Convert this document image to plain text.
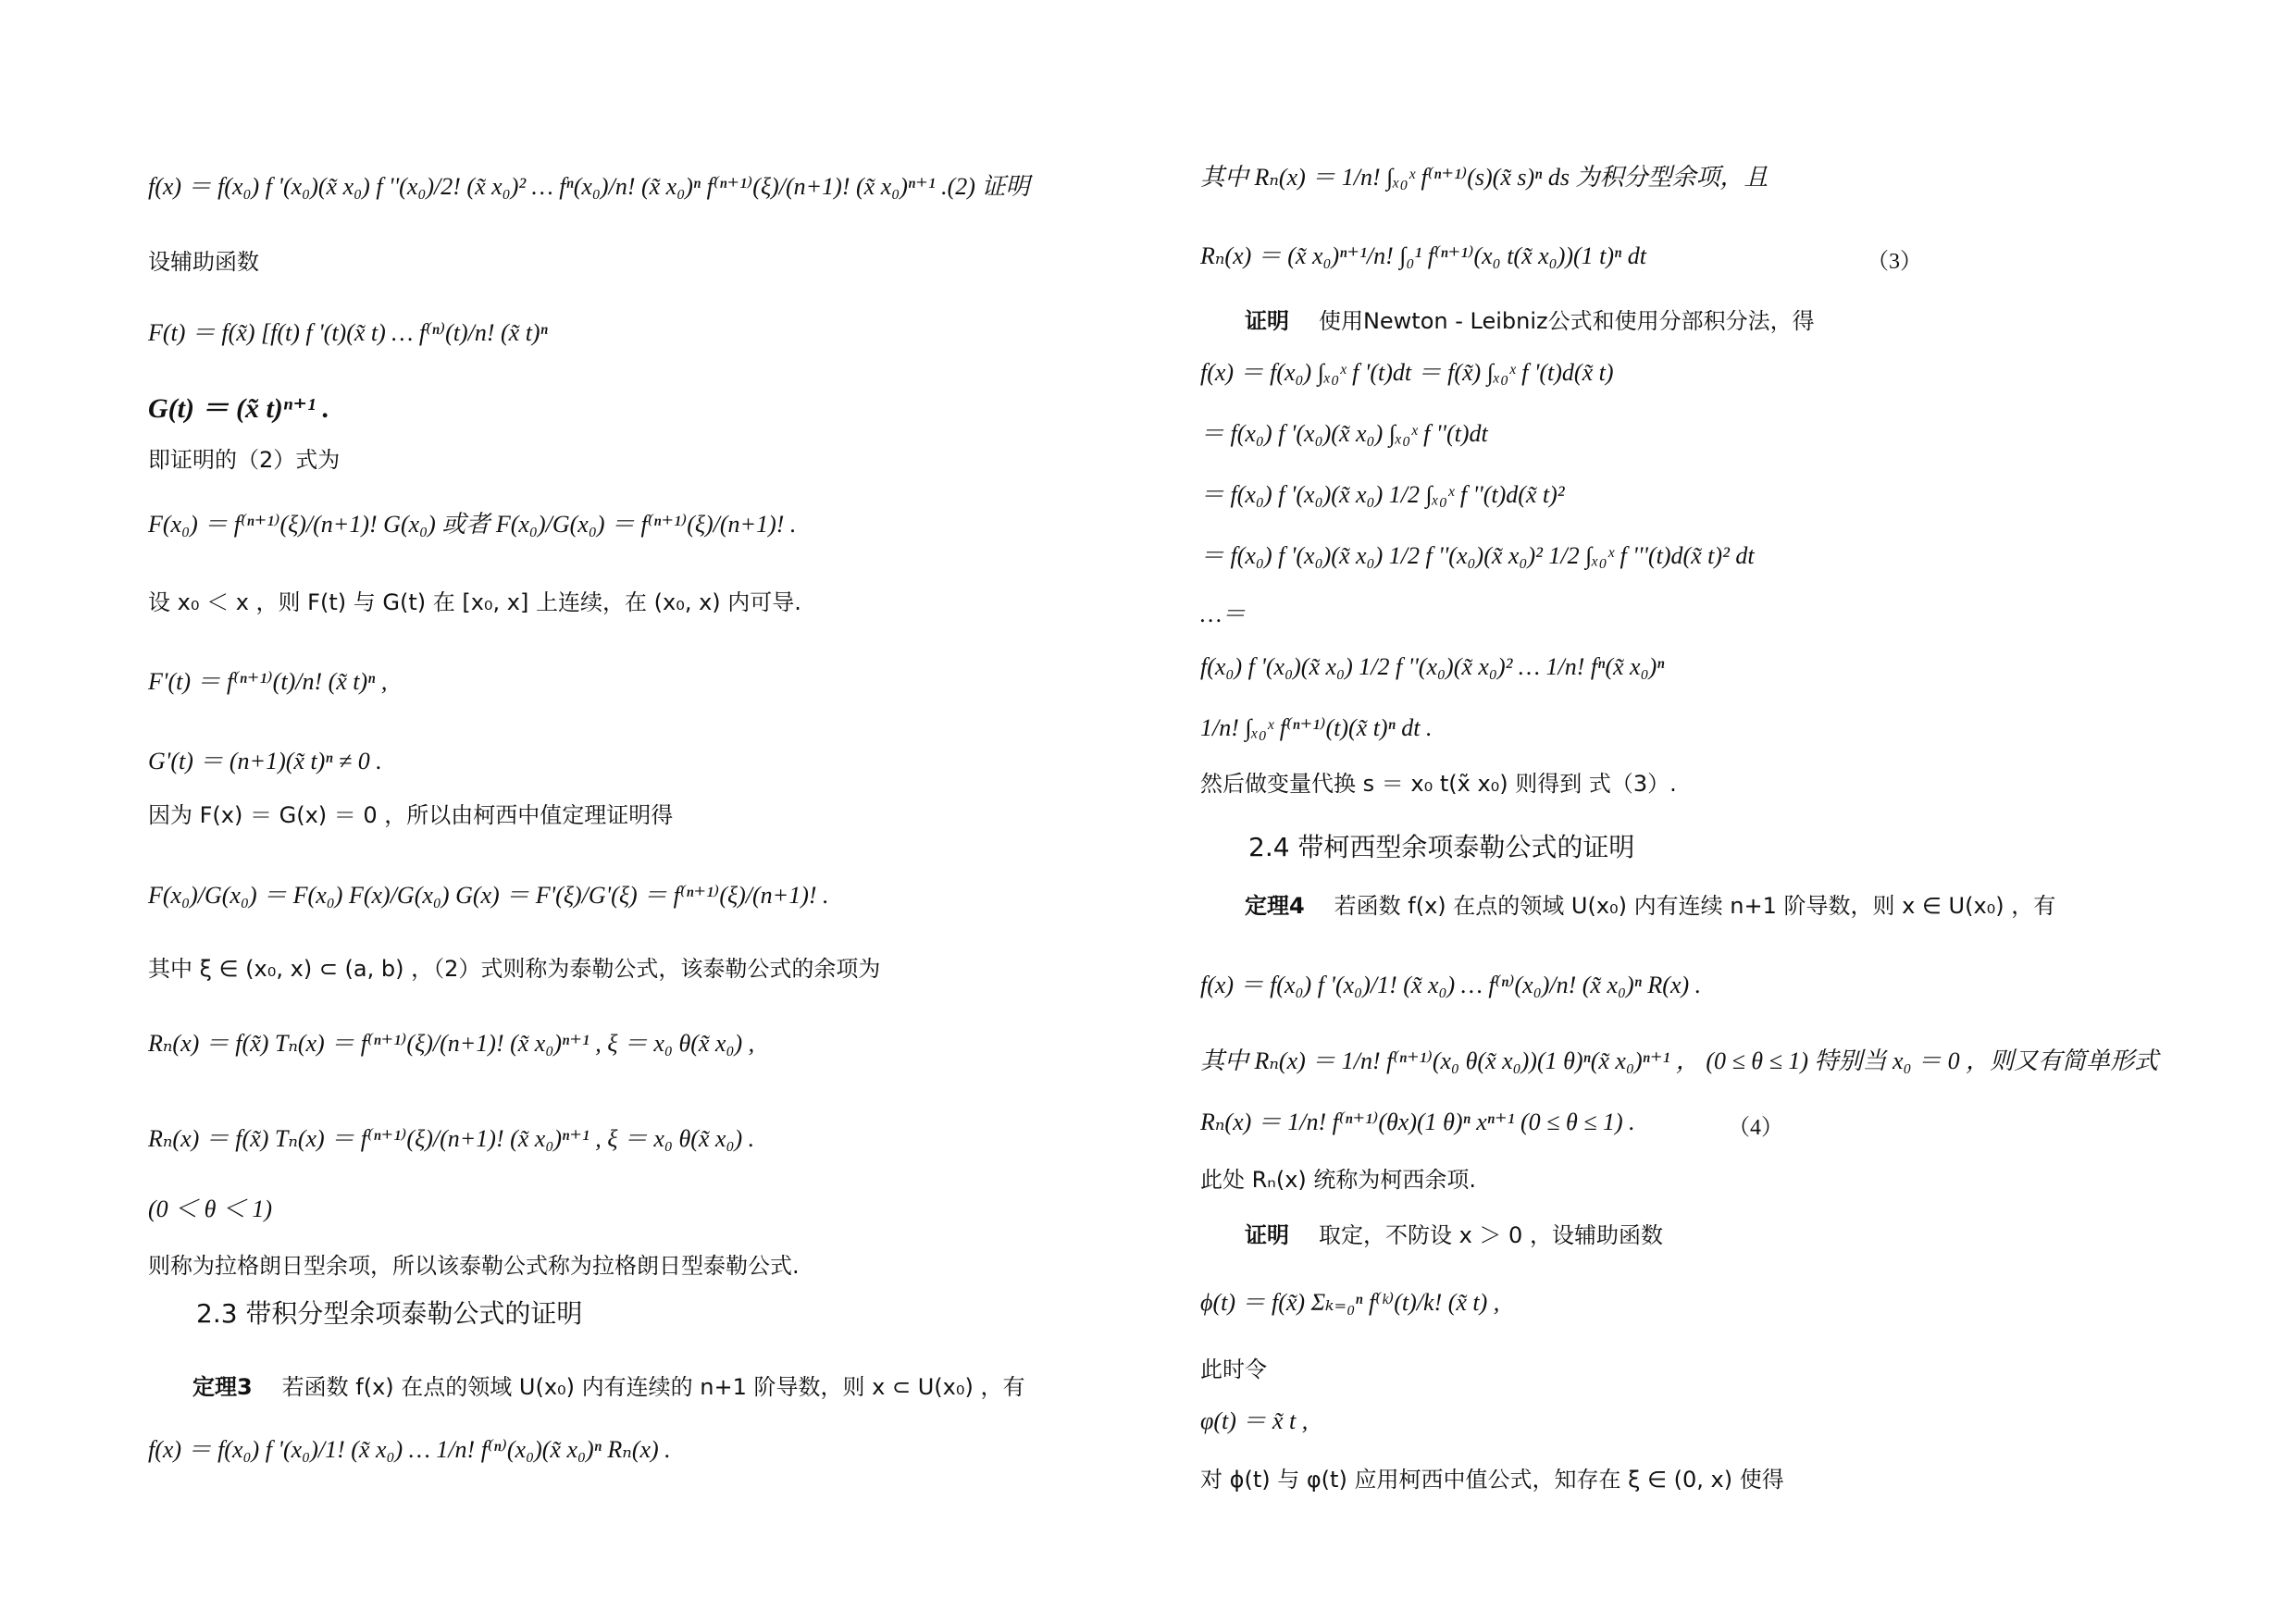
f(x) ＝ f(x₀) f '(x₀)(x̃ x₀) f ''(x₀)/2! (x̃ x₀)² … fⁿ(x₀)/n! (x̃ x₀)ⁿ f⁽ⁿ⁺¹⁾(ξ)/(n+1)! (x̃ x₀)ⁿ⁺¹ .(2) 证明
设辅助函数
F(t) ＝ f(x̃) [f(t) f '(t)(x̃ t) … f⁽ⁿ⁾(t)/n! (x̃ t)ⁿ
G(t) ＝ (x̃ t)ⁿ⁺¹ .
即证明的（2）式为
F(x₀) ＝ f⁽ⁿ⁺¹⁾(ξ)/(n+1)! G(x₀) 或者 F(x₀)/G(x₀) ＝ f⁽ⁿ⁺¹⁾(ξ)/(n+1)! .
设 x₀ ＜ x ，则 F(t) 与 G(t) 在 [x₀, x] 上连续，在 (x₀, x) 内可导.
F'(t) ＝ f⁽ⁿ⁺¹⁾(t)/n! (x̃ t)ⁿ ,
G'(t) ＝ (n+1)(x̃ t)ⁿ ≠ 0 .
因为 F(x) ＝ G(x) ＝ 0 ，所以由柯西中值定理证明得
F(x₀)/G(x₀) ＝ F(x₀) F(x)/G(x₀) G(x) ＝ F'(ξ)/G'(ξ) ＝ f⁽ⁿ⁺¹⁾(ξ)/(n+1)! .
其中 ξ ∈ (x₀, x) ⊂ (a, b) ，（2）式则称为泰勒公式，该泰勒公式的余项为
Rₙ(x) ＝ f(x̃) Tₙ(x) ＝ f⁽ⁿ⁺¹⁾(ξ)/(n+1)! (x̃ x₀)ⁿ⁺¹ , ξ ＝ x₀ θ(x̃ x₀) ,
Rₙ(x) ＝ f(x̃) Tₙ(x) ＝ f⁽ⁿ⁺¹⁾(ξ)/(n+1)! (x̃ x₀)ⁿ⁺¹ , ξ ＝ x₀ θ(x̃ x₀) .
(0 ＜ θ ＜ 1)
则称为拉格朗日型余项，所以该泰勒公式称为拉格朗日型泰勒公式.
2.3 带积分型余项泰勒公式的证明
定理3 若函数 f(x) 在点的领域 U(x₀) 内有连续的 n+1 阶导数，则 x ⊂ U(x₀) ，有
f(x) ＝ f(x₀) f '(x₀)/1! (x̃ x₀) … 1/n! f⁽ⁿ⁾(x₀)(x̃ x₀)ⁿ Rₙ(x) .
其中 Rₙ(x) ＝ 1/n! ∫ₓ₀ˣ f⁽ⁿ⁺¹⁾(s)(x̃ s)ⁿ ds 为积分型余项，且
Rₙ(x) ＝ (x̃ x₀)ⁿ⁺¹/n! ∫₀¹ f⁽ⁿ⁺¹⁾(x₀ t(x̃ x₀))(1 t)ⁿ dt	（3）
证明 使用Newton - Leibniz公式和使用分部积分法，得
f(x) ＝ f(x₀) ∫ₓ₀ˣ f '(t)dt ＝ f(x̃) ∫ₓ₀ˣ f '(t)d(x̃ t)
＝ f(x₀) f '(x₀)(x̃ x₀) ∫ₓ₀ˣ f ''(t)dt
＝ f(x₀) f '(x₀)(x̃ x₀) 1/2 ∫ₓ₀ˣ f ''(t)d(x̃ t)²
＝ f(x₀) f '(x₀)(x̃ x₀) 1/2 f ''(x₀)(x̃ x₀)² 1/2 ∫ₓ₀ˣ f '''(t)d(x̃ t)² dt
…＝
f(x₀) f '(x₀)(x̃ x₀) 1/2 f ''(x₀)(x̃ x₀)² … 1/n! fⁿ(x̃ x₀)ⁿ
1/n! ∫ₓ₀ˣ f⁽ⁿ⁺¹⁾(t)(x̃ t)ⁿ dt .
然后做变量代换 s ＝ x₀ t(x̃ x₀) 则得到 式（3）.
2.4 带柯西型余项泰勒公式的证明
定理4 若函数 f(x) 在点的领域 U(x₀) 内有连续 n+1 阶导数，则 x ∈ U(x₀) ，有
f(x) ＝ f(x₀) f '(x₀)/1! (x̃ x₀) … f⁽ⁿ⁾(x₀)/n! (x̃ x₀)ⁿ R(x) .
其中 Rₙ(x) ＝ 1/n! f⁽ⁿ⁺¹⁾(x₀ θ(x̃ x₀))(1 θ)ⁿ(x̃ x₀)ⁿ⁺¹ ， (0 ≤ θ ≤ 1) 特别当 x₀ ＝ 0 ，则又有简单形式
Rₙ(x) ＝ 1/n! f⁽ⁿ⁺¹⁾(θx)(1 θ)ⁿ xⁿ⁺¹ (0 ≤ θ ≤ 1) .	（4）
此处 Rₙ(x) 统称为柯西余项.
证明 取定，不防设 x ＞ 0 ，设辅助函数
ϕ(t) ＝ f(x̃) Σₖ₌₀ⁿ f⁽ᵏ⁾(t)/k! (x̃ t) ,
此时令
φ(t) ＝ x̃ t ,
对 ϕ(t) 与 φ(t) 应用柯西中值公式，知存在 ξ ∈ (0, x) 使得
